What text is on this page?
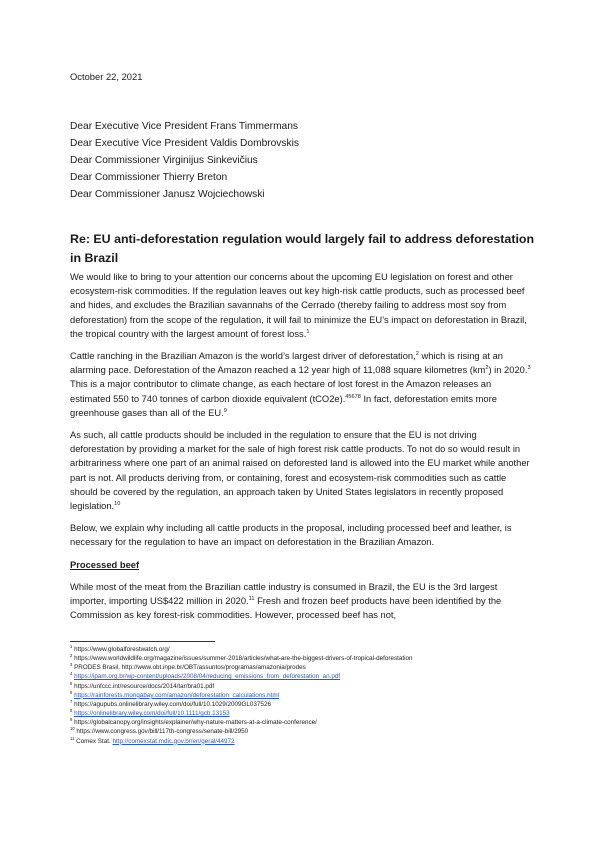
October 22, 2021
Dear Executive Vice President Frans Timmermans
Dear Executive Vice President Valdis Dombrovskis
Dear Commissioner Virginijus Sinkevičius
Dear Commissioner Thierry Breton
Dear Commissioner Janusz Wojciechowski
Re: EU anti-deforestation regulation would largely fail to address deforestation in Brazil

We would like to bring to your attention our concerns about the upcoming EU legislation on forest and other ecosystem-risk commodities. If the regulation leaves out key high-risk cattle products, such as processed beef and hides, and excludes the Brazilian savannahs of the Cerrado (thereby failing to address most soy from deforestation) from the scope of the regulation, it will fail to minimize the EU’s impact on deforestation in Brazil, the tropical country with the largest amount of forest loss.$^1$

Cattle ranching in the Brazilian Amazon is the world’s largest driver of deforestation,$^2$ which is rising at an alarming pace. Deforestation of the Amazon reached a 12 year high of 11,088 square kilometres $(km^2)$ in 2020.$^3$ This is a major contributor to climate change, as each hectare of lost forest in the Amazon releases an estimated 550 to 740 tonnes of carbon dioxide equivalent (tCO2e).$^{45678}$ In fact, deforestation emits more greenhouse gases than all of the EU.$^9$

As such, all cattle products should be included in the regulation to ensure that the EU is not driving deforestation by providing a market for the sale of high forest risk cattle products. To not do so would result in arbitrariness where one part of an animal raised on deforested land is allowed into the EU market while another part is not. All products deriving from, or containing, forest and ecosystem-risk commodities such as cattle should be covered by the regulation, an approach taken by United States legislators in recently proposed legislation.$^{10}$

Below, we explain why including all cattle products in the proposal, including processed beef and leather, is necessary for the regulation to have an impact on deforestation in the Brazilian Amazon.

Processed beef

While most of the meat from the Brazilian cattle industry is consumed in Brazil, the EU is the 3rd largest importer, importing US$422 million in 2020.11 Fresh and frozen beef products have been identified by the Commission as key forest-risk commodities. However, processed beef has not,

$^1$ https://www.globalforestwatch.org/
$^2$ https://www.worldwildlife.org/magazine/issues/summer-2018/articles/what-are-the-biggest-drivers-of-tropical-deforestation
$^3$ PRODES Brasil. http://www.obt.inpe.br/OBT/assuntos/programas/amazonia/prodes
$^4$ https://ipam.org.br/wp-content/uploads/2008/04/reducing_emissions_from_deforestation_an.pdf
$^5$ https://unfccc.int/resource/docs/2014/tar/bra01.pdf
$^6$ https://rainforests.mongabay.com/amazon/deforestation_calculations.html
$^7$ https://agupubs.onlinelibrary.wiley.com/doi/full/10.1029/2009GL037526
$^8$ https://onlinelibrary.wiley.com/doi/full/10.1111/gcb.13153
$^9$ https://globalcanopy.org/insights/explainer/why-nature-matters-at-a-climate-conference/
$^{10}$ https://www.congress.gov/bill/117th-congress/senate-bill/2950
$^{11}$ Comex Stat. http://comexstat.mdic.gov.br/en/geral/44972
